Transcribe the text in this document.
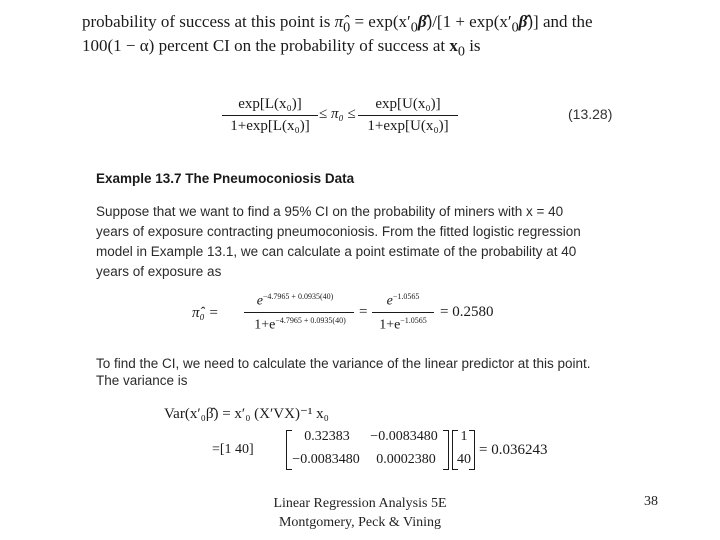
probability of success at this point is $\pî_0$ = $\exp(x'_0\betâ)/[1$ + $\exp(x'_0\betâ)$] and the
100(1 − α) percent CI on the probability of success at $x_0$ is
exp[L(x₀)]
1+exp[L(x₀)]
≤ π₀ ≤
exp[U(x₀)]
1+exp[U(x₀)]
(13.28)
Example 13.7 The Pneumoconiosis Data
Suppose that we want to find a 95% CI on the probability of miners with x = 40
years of exposure contracting pneumoconiosis. From the fitted logistic regression
model in Example 13.1, we can calculate a point estimate of the probability at 40
years of exposure as
π̂₀ =
$e^{-4.7965 + 0.0935(40)}$
$1+e^{-4.7965 + 0.0935(40)}$
=
$e^{-1.0565}$
$1+e^{-1.0565}$
= 0.2580
To find the CI, we need to calculate the variance of the linear predictor at this point.
The variance is
Var(x′₀β̂) = x′₀ (X′VX)⁻¹ x₀
=[1 40]
0.32383	−0.0083480
−0.0083480 0.0002380
1
40
= 0.036243
Linear Regression Analysis 5E
Montgomery, Peck & Vining
38
